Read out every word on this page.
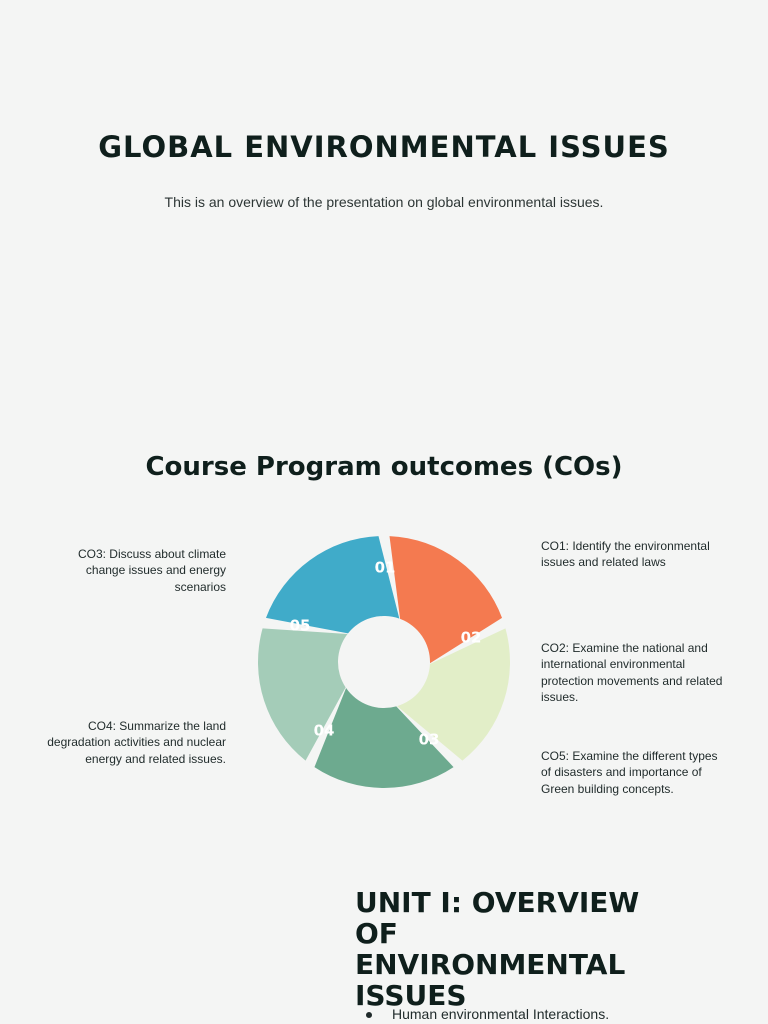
GLOBAL ENVIRONMENTAL ISSUES

This is an overview of the presentation on global environmental issues.

Course Program outcomes (COs)

CO3: Discuss about climate change issues and energy scenarios

CO4: Summarize the land degradation activities and nuclear energy and related issues.

CO1: Identify the environmental issues and related laws

CO2: Examine the national and international environmental protection movements and related issues.

CO5: Examine the different types of disasters and importance of Green building concepts.

01
02
03
04
05
UNIT I: OVERVIEW OF ENVIRONMENTAL ISSUES
Human environmental Interactions.
